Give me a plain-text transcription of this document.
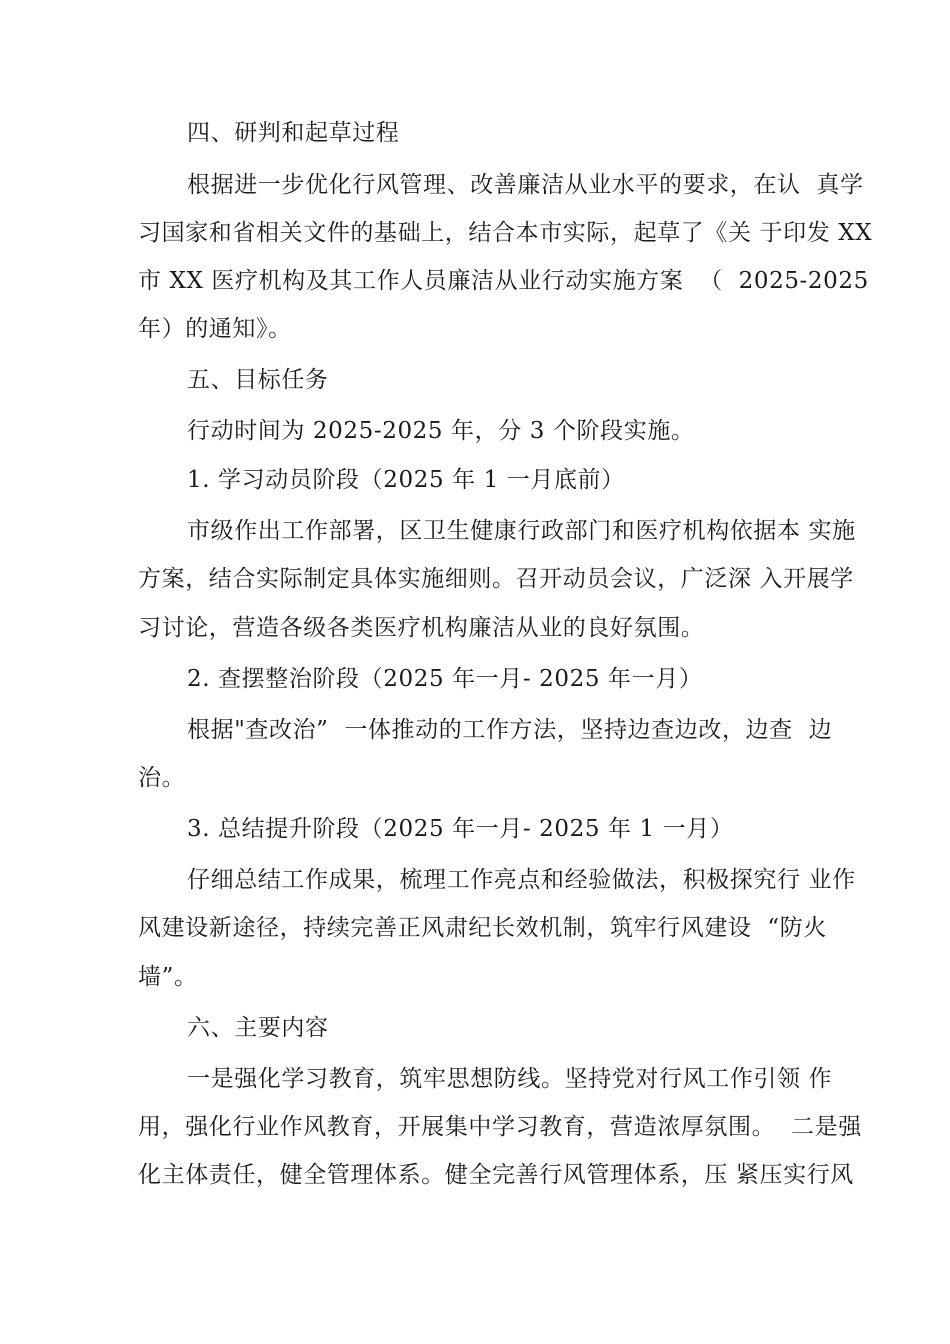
四、研判和起草过程
根据进一步优化行风管理、改善廉洁从业水平的要求，在认  真学
习国家和省相关文件的基础上，结合本市实际，起草了《关 于印发 XX
市 XX 医疗机构及其工作人员廉洁从业行动实施方案  （  2025-2025
年）的通知》。
五、目标任务
行动时间为 2025-2025 年，分 3 个阶段实施。
1. 学习动员阶段（2025 年 1 一月底前）
市级作出工作部署，区卫生健康行政部门和医疗机构依据本 实施
方案，结合实际制定具体实施细则。召开动员会议，广泛深 入开展学
习讨论，营造各级各类医疗机构廉洁从业的良好氛围。
2. 查摆整治阶段（2025 年一月- 2025 年一月）
根据"查改治”  一体推动的工作方法，坚持边查边改，边查  边
治。
3. 总结提升阶段（2025 年一月- 2025 年 1 一月）
仔细总结工作成果，梳理工作亮点和经验做法，积极探究行 业作
风建设新途径，持续完善正风肃纪长效机制，筑牢行风建设  “防火
墙”。
六、主要内容
一是强化学习教育，筑牢思想防线。坚持党对行风工作引领 作
用，强化行业作风教育，开展集中学习教育，营造浓厚氛围。  二是强
化主体责任，健全管理体系。健全完善行风管理体系，压 紧压实行风
